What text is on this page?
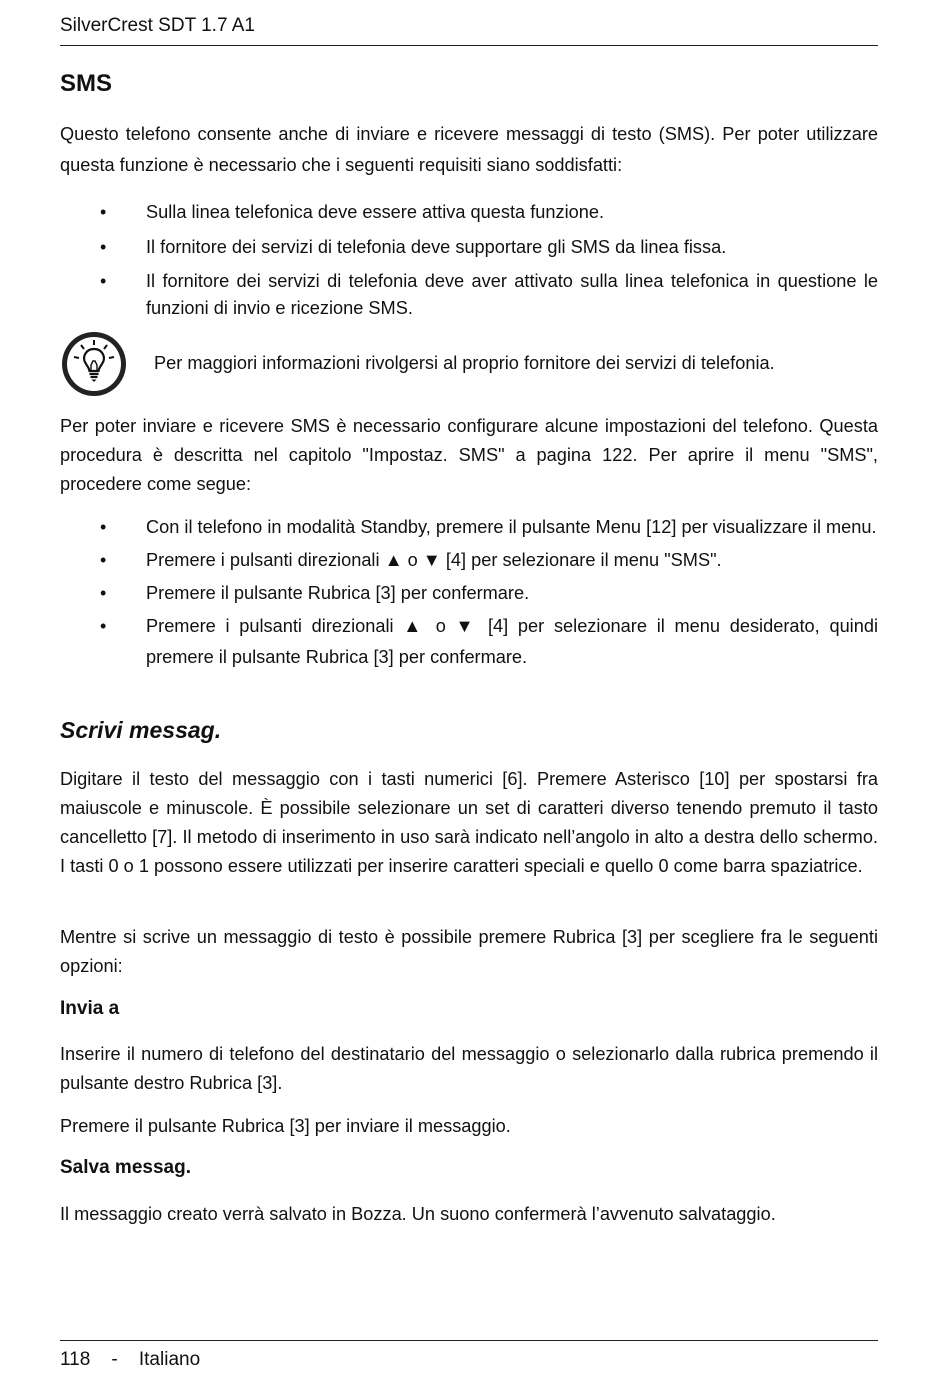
SilverCrest SDT 1.7 A1
SMS

Questo telefono consente anche di inviare e ricevere messaggi di testo (SMS). Per poter utilizzare questa funzione è necessario che i seguenti requisiti siano soddisfatti:

• Sulla linea telefonica deve essere attiva questa funzione.
• Il fornitore dei servizi di telefonia deve supportare gli SMS da linea fissa.
• Il fornitore dei servizi di telefonia deve aver attivato sulla linea telefonica in questione le funzioni di invio e ricezione SMS.
Per maggiori informazioni rivolgersi al proprio fornitore dei servizi di telefonia.

Per poter inviare e ricevere SMS è necessario configurare alcune impostazioni del telefono. Questa procedura è descritta nel capitolo "Impostaz. SMS" a pagina 122. Per aprire il menu "SMS", procedere come segue:

• Con il telefono in modalità Standby, premere il pulsante Menu [12] per visualizzare il menu.
• Premere i pulsanti direzionali ▲ o ▼ [4] per selezionare il menu "SMS".
• Premere il pulsante Rubrica [3] per confermare.
• Premere i pulsanti direzionali ▲ o ▼ [4] per selezionare il menu desiderato, quindi premere il pulsante Rubrica [3] per confermare.
Scrivi messag.

Digitare il testo del messaggio con i tasti numerici [6]. Premere Asterisco [10] per spostarsi fra maiuscole e minuscole. È possibile selezionare un set di caratteri diverso tenendo premuto il tasto cancelletto [7]. Il metodo di inserimento in uso sarà indicato nell’angolo in alto a destra dello schermo. I tasti 0 o 1 possono essere utilizzati per inserire caratteri speciali e quello 0 come barra spaziatrice.

Mentre si scrive un messaggio di testo è possibile premere Rubrica [3] per scegliere fra le seguenti opzioni:

Invia a

Inserire il numero di telefono del destinatario del messaggio o selezionarlo dalla rubrica premendo il pulsante destro Rubrica [3].

Premere il pulsante Rubrica [3] per inviare il messaggio.

Salva messag.

Il messaggio creato verrà salvato in Bozza. Un suono confermerà l’avvenuto salvataggio.

118 - Italiano
